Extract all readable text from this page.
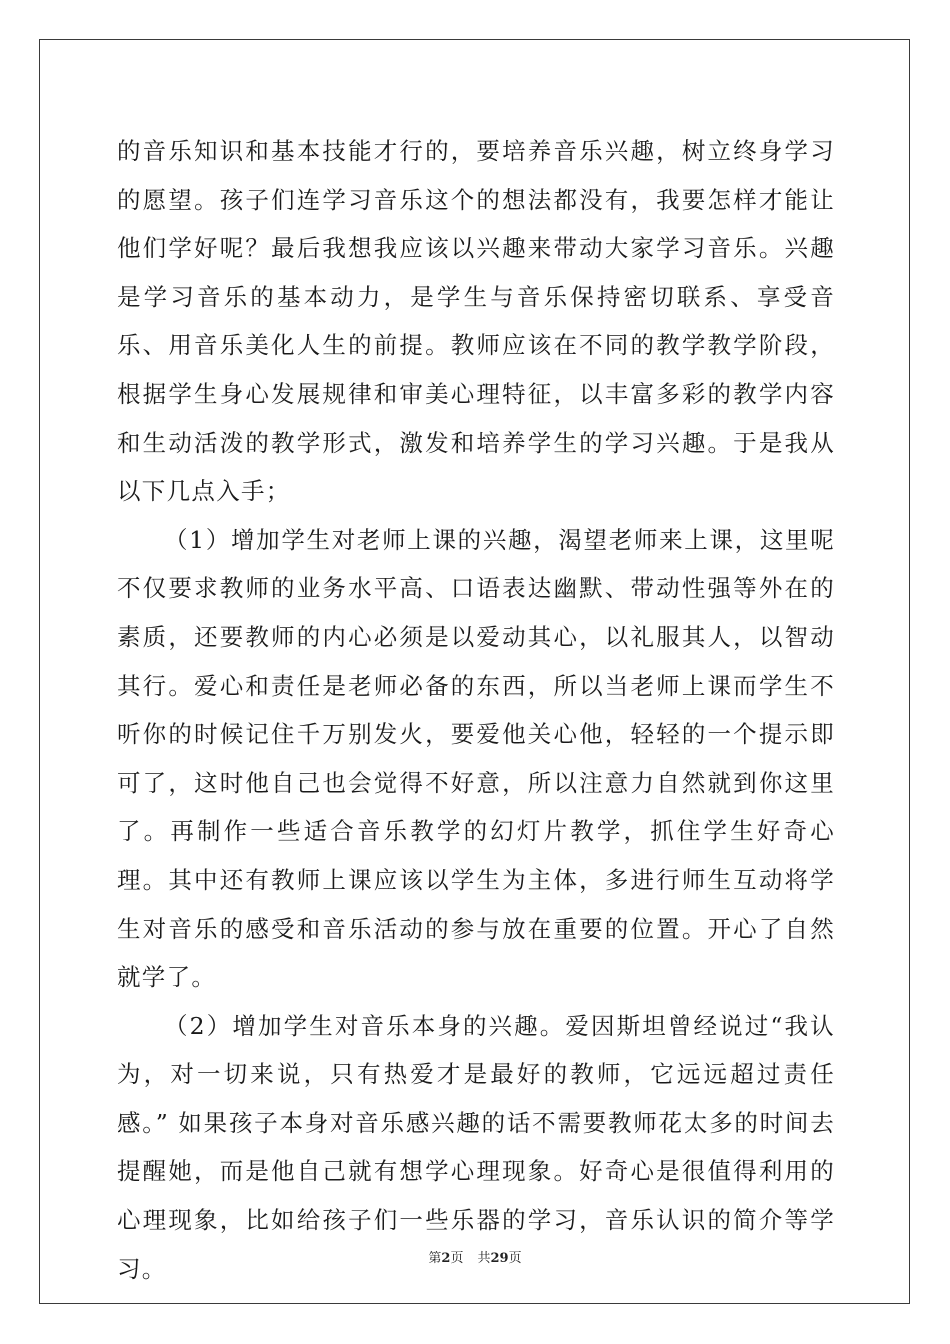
的音乐知识和基本技能才行的，要培养音乐兴趣，树立终身学习的愿望。孩子们连学习音乐这个的想法都没有，我要怎样才能让他们学好呢？最后我想我应该以兴趣来带动大家学习音乐。兴趣是学习音乐的基本动力，是学生与音乐保持密切联系、享受音乐、用音乐美化人生的前提。教师应该在不同的教学教学阶段，根据学生身心发展规律和审美心理特征，以丰富多彩的教学内容和生动活泼的教学形式，激发和培养学生的学习兴趣。于是我从以下几点入手；

（1）增加学生对老师上课的兴趣，渴望老师来上课，这里呢不仅要求教师的业务水平高、口语表达幽默、带动性强等外在的素质，还要教师的内心必须是以爱动其心，以礼服其人，以智动其行。爱心和责任是老师必备的东西，所以当老师上课而学生不听你的时候记住千万别发火，要爱他关心他，轻轻的一个提示即可了，这时他自己也会觉得不好意，所以注意力自然就到你这里了。再制作一些适合音乐教学的幻灯片教学，抓住学生好奇心理。其中还有教师上课应该以学生为主体，多进行师生互动将学生对音乐的感受和音乐活动的参与放在重要的位置。开心了自然就学了。

（2）增加学生对音乐本身的兴趣。爱因斯坦曾经说过“我认为，对一切来说，只有热爱才是最好的教师，它远远超过责任感。” 如果孩子本身对音乐感兴趣的话不需要教师花太多的时间去提醒她，而是他自己就有想学心理现象。好奇心是很值得利用的心理现象，比如给孩子们一些乐器的学习，音乐认识的简介等学习。	第2页 共29页
